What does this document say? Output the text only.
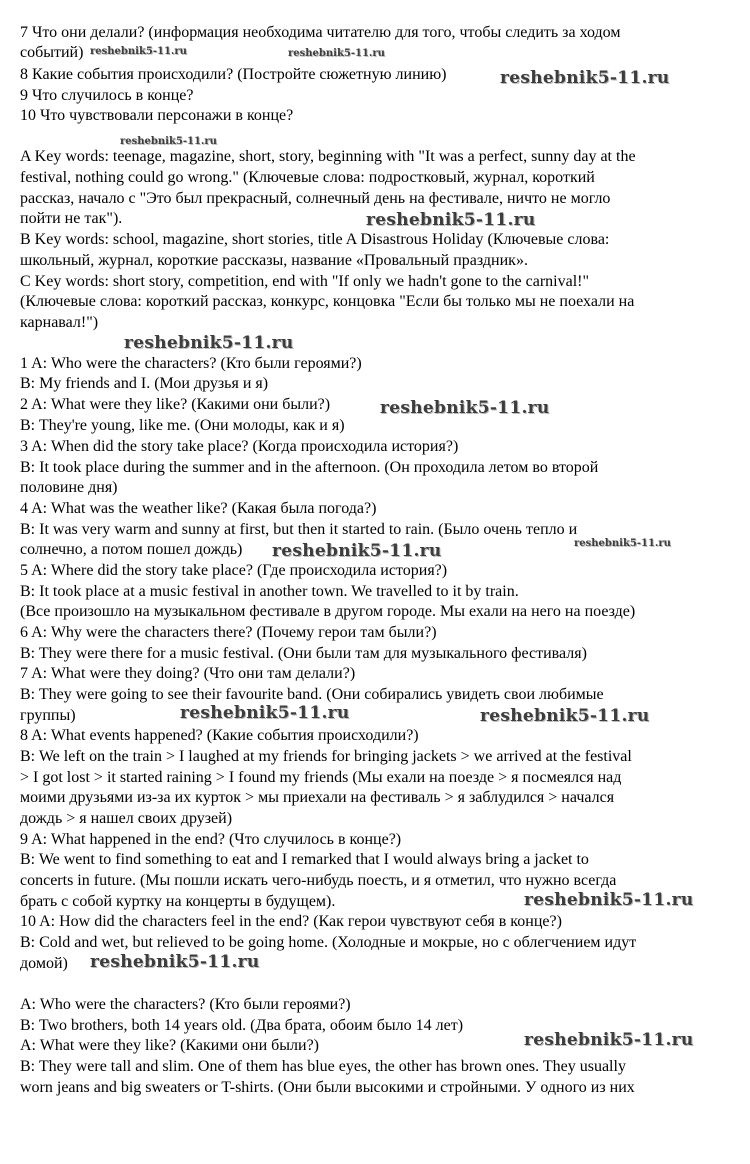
7 Что они делали? (информация необходима читателю для того, чтобы следить за ходом
событий)
8 Какие события происходили? (Постройте сюжетную линию)
9 Что случилось в конце?
10 Что чувствовали персонажи в конце?
A Key words: teenage, magazine, short, story, beginning with "It was a perfect, sunny day at the
festival, nothing could go wrong." (Ключевые слова: подростковый, журнал, короткий
рассказ, начало с "Это был прекрасный, солнечный день на фестивале, ничто не могло
пойти не так").
B Key words: school, magazine, short stories, title A Disastrous Holiday (Ключевые слова:
школьный, журнал, короткие рассказы, название «Провальный праздник».
C Key words: short story, competition, end with "If only we hadn't gone to the carnival!"
(Ключевые слова: короткий рассказ, конкурс, концовка "Если бы только мы не поехали на
карнавал!")
1 A: Who were the characters? (Кто были героями?)
B: My friends and I. (Мои друзья и я)
2 A: What were they like? (Какими они были?)
B: They're young, like me. (Они молоды, как и я)
3 A: When did the story take place? (Когда происходила история?)
B: It took place during the summer and in the afternoon. (Он проходила летом во второй
половине дня)
4 A: What was the weather like? (Какая была погода?)
B: It was very warm and sunny at first, but then it started to rain. (Было очень тепло и
солнечно, а потом пошел дождь)
5 A: Where did the story take place? (Где происходила история?)
B: It took place at a music festival in another town. We travelled to it by train.
(Все произошло на музыкальном фестивале в другом городе. Мы ехали на него на поезде)
6 A: Why were the characters there? (Почему герои там были?)
B: They were there for a music festival. (Они были там для музыкального фестиваля)
7 A: What were they doing? (Что они там делали?)
B: They were going to see their favourite band. (Они собирались увидеть свои любимые
группы)
8 A: What events happened? (Какие события происходили?)
B: We left on the train > I laughed at my friends for bringing jackets > we arrived at the festival
> I got lost > it started raining > I found my friends (Мы ехали на поезде > я посмеялся над
моими друзьями из-за их курток > мы приехали на фестиваль > я заблудился > начался
дождь > я нашел своих друзей)
9 A: What happened in the end? (Что случилось в конце?)
B: We went to find something to eat and I remarked that I would always bring a jacket to
concerts in future. (Мы пошли искать чего-нибудь поесть, и я отметил, что нужно всегда
брать с собой куртку на концерты в будущем).
10 A: How did the characters feel in the end? (Как герои чувствуют себя в конце?)
B: Cold and wet, but relieved to be going home. (Холодные и мокрые, но с облегчением идут
домой)
A: Who were the characters? (Кто были героями?)
B: Two brothers, both 14 years old. (Два брата, обоим было 14 лет)
A: What were they like? (Какими они были?)
B: They were tall and slim. One of them has blue eyes, the other has brown ones. They usually
worn jeans and big sweaters or T-shirts. (Они были высокими и стройными. У одного из них
reshebnik5-11.ru	reshebnik5-11.ru
reshebnik5-11.ru
reshebnik5-11.ru
reshebnik5-11.ru
reshebnik5-11.ru
reshebnik5-11.ru
reshebnik5-11.ru	reshebnik5-11.ru
reshebnik5-11.ru	reshebnik5-11.ru
reshebnik5-11.ru
reshebnik5-11.ru
reshebnik5-11.ru
